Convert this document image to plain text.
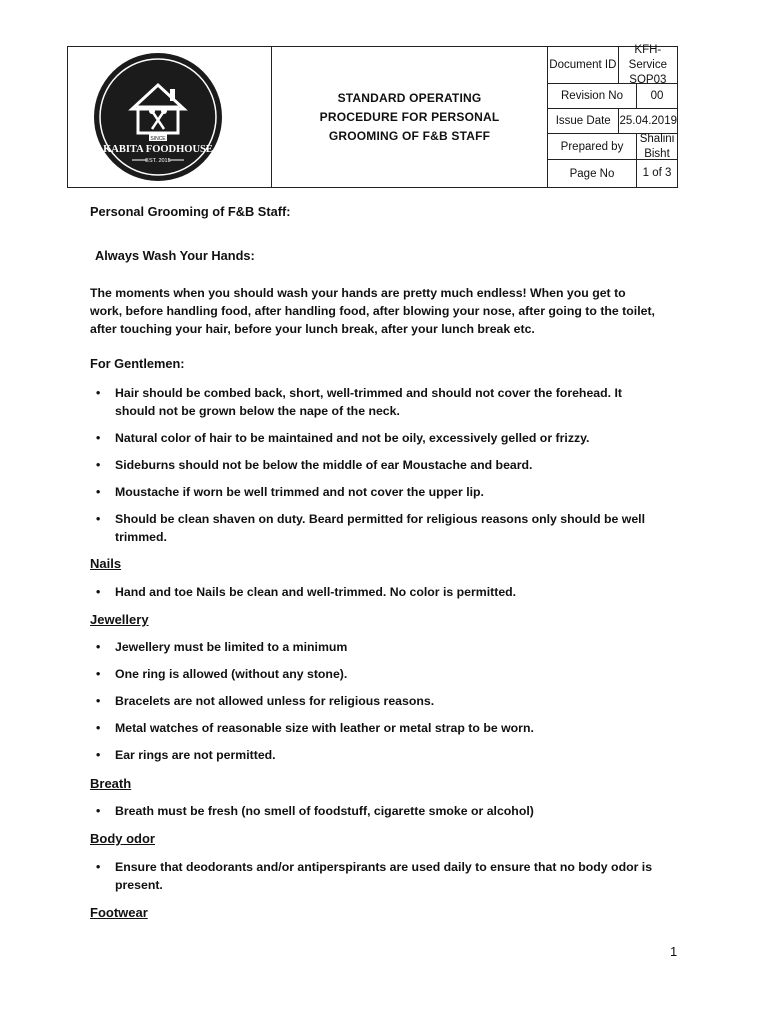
SINCE
KABITA FOODHOUSE
EST. 2015
STANDARD OPERATING
PROCEDURE FOR PERSONAL
GROOMING OF F&B STAFF
Document ID
KFH- Service SOP03
Revision No	00
Issue Date 25.04.2019
Prepared by
Shalini Bisht
Page No	1 of 3
Personal Grooming of F&B Staff:
Always Wash Your Hands:
The moments when you should wash your hands are pretty much endless! When you get to work, before handling food, after handling food, after blowing your nose, after going to the toilet, after touching your hair, before your lunch break, after your lunch break etc.
For Gentlemen:
• Hair should be combed back, short, well-trimmed and should not cover the forehead. It should not be grown below the nape of the neck.
• Natural color of hair to be maintained and not be oily, excessively gelled or frizzy.
• Sideburns should not be below the middle of ear Moustache and beard.
• Moustache if worn be well trimmed and not cover the upper lip.
• Should be clean shaven on duty. Beard permitted for religious reasons only should be well trimmed.
Nails
• Hand and toe Nails be clean and well-trimmed. No color is permitted.
Jewellery
• Jewellery must be limited to a minimum
• One ring is allowed (without any stone).
• Bracelets are not allowed unless for religious reasons.
• Metal watches of reasonable size with leather or metal strap to be worn.
• Ear rings are not permitted.
Breath
• Breath must be fresh (no smell of foodstuff, cigarette smoke or alcohol)
Body odor
• Ensure that deodorants and/or antiperspirants are used daily to ensure that no body odor is present.
Footwear
1
